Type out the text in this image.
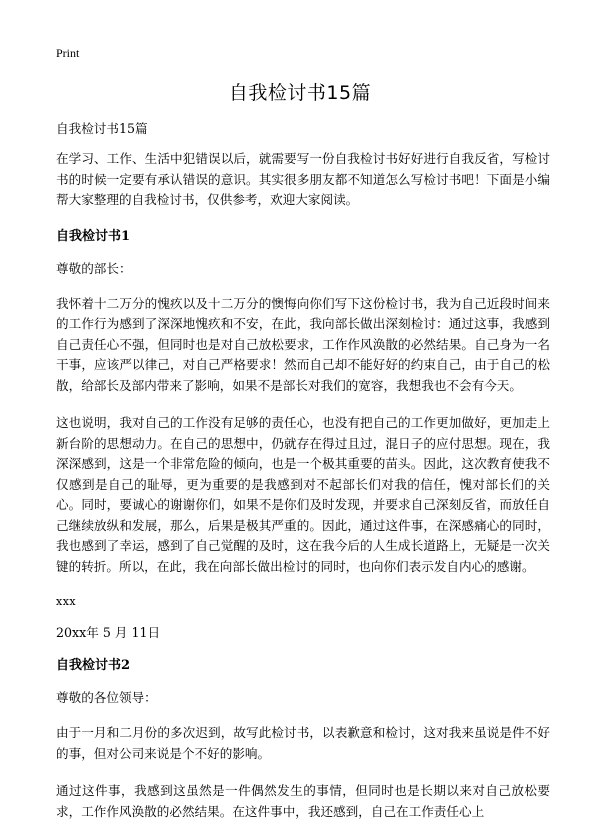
Print
自我检讨书15篇
自我检讨书15篇

在学习、工作、生活中犯错误以后，就需要写一份自我检讨书好好进行自我反省，写检讨书的时候一定要有承认错误的意识。其实很多朋友都不知道怎么写检讨书吧！下面是小编帮大家整理的自我检讨书，仅供参考，欢迎大家阅读。

自我检讨书1
尊敬的部长：

我怀着十二万分的愧疚以及十二万分的懊悔向你们写下这份检讨书，我为自己近段时间来的工作行为感到了深深地愧疚和不安，在此，我向部长做出深刻检讨：通过这事，我感到自己责任心不强，但同时也是对自己放松要求，工作作风涣散的必然结果。自己身为一名干事，应该严以律己，对自己严格要求！然而自己却不能好好的约束自己，由于自己的松散，给部长及部内带来了影响，如果不是部长对我们的宽容，我想我也不会有今天。

这也说明，我对自己的工作没有足够的责任心，也没有把自己的工作更加做好，更加走上新台阶的思想动力。在自己的思想中，仍就存在得过且过，混日子的应付思想。现在，我深深感到，这是一个非常危险的倾向，也是一个极其重要的苗头。因此，这次教育使我不仅感到是自己的耻辱，更为重要的是我感到对不起部长们对我的信任，愧对部长们的关心。同时，要诚心的谢谢你们，如果不是你们及时发现，并要求自己深刻反省，而放任自己继续放纵和发展，那么，后果是极其严重的。因此，通过这件事，在深感痛心的同时，我也感到了幸运，感到了自己觉醒的及时，这在我今后的人生成长道路上，无疑是一次关键的转折。所以，在此，我在向部长做出检讨的同时，也向你们表示发自内心的感谢。

xxx
20xx年 5 月 11日
自我检讨书2
尊敬的各位领导：

由于一月和二月份的多次迟到，故写此检讨书，以表歉意和检讨，这对我来虽说是件不好的事，但对公司来说是个不好的影响。

通过这件事，我感到这虽然是一件偶然发生的事情，但同时也是长期以来对自己放松要求，工作作风涣散的必然结果。在这件事中，我还感到，自己在工作责任心上
